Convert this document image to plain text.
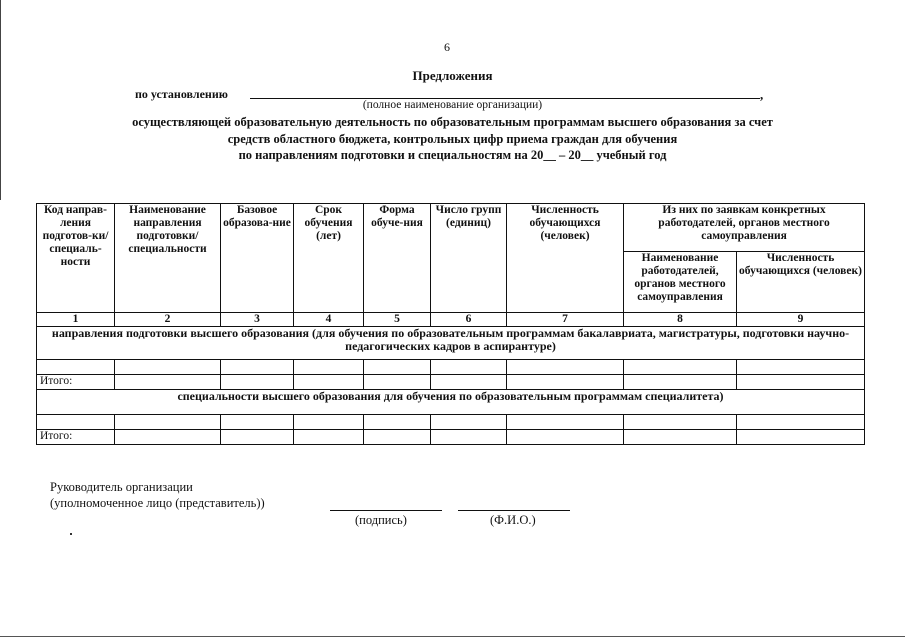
6
Предложения
по установлению	,
(полное наименование организации)
осуществляющей образовательную деятельность по образовательным программам высшего образования за счет
средств областного бюджета, контрольных цифр приема граждан для обучения
по направлениям подготовки и специальностям на 20__ – 20__ учебный год
Код направ-ления подготов-ки/ специаль-ности	Наименование направления подготовки/ специальности	Базовое образова-ние	Срок обучения (лет)	Форма обуче-ния	Число групп (единиц)	Численность обучающихся (человек)	Из них по заявкам конкретных работодателей, органов местного самоуправления	
							Наименование работодателей, органов местного самоуправления	Численность обучающихся (человек)
1	2	3	4	5	6	7	8	9
направления подготовки высшего образования (для обучения по образовательным программам бакалавриата, магистратуры, подготовки научно-педагогических кадров в аспирантуре)								

Итого:								
специальности высшего образования для обучения по образовательным программам специалитета)								

Итого:								
Руководитель организации
(уполномоченное лицо (представитель))
(подпись)	(Ф.И.О.)
